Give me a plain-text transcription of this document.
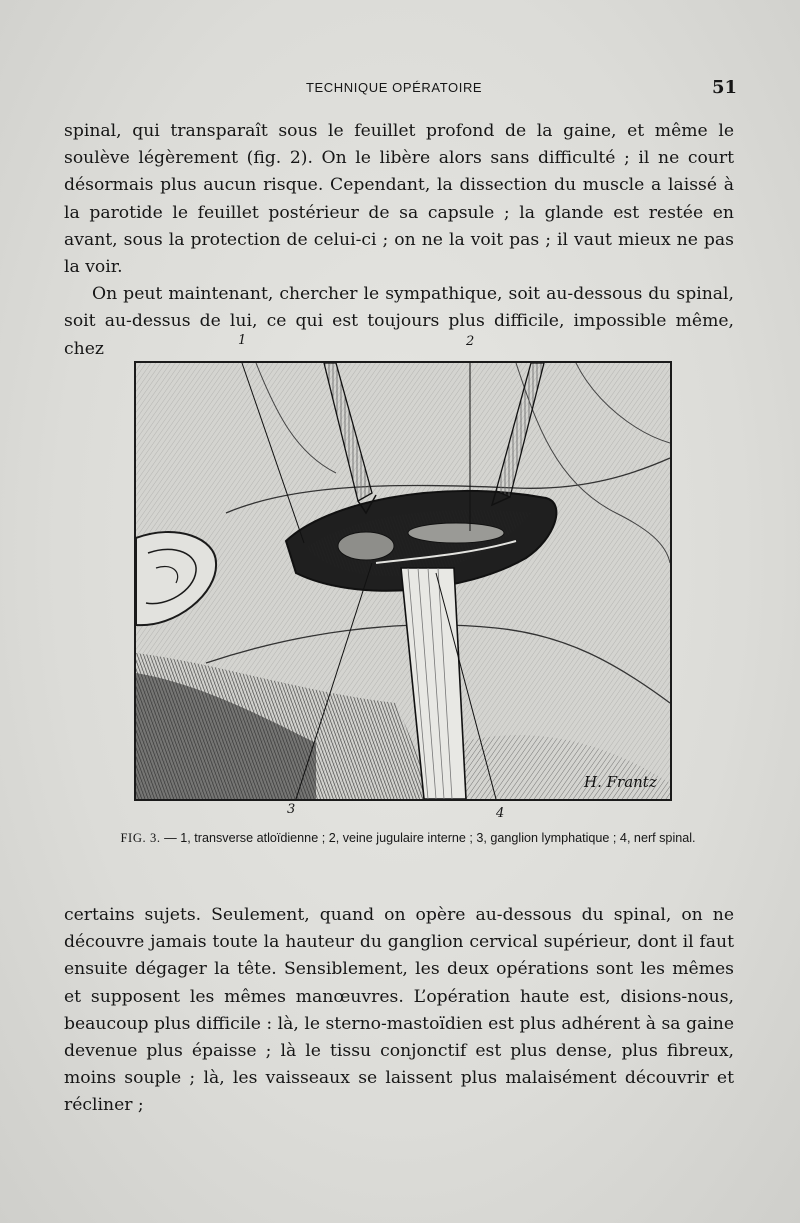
TECHNIQUE OPÉRATOIRE	51

spinal, qui transparaît sous le feuillet profond de la gaine, et même le soulève légèrement (fig. 2). On le libère alors sans difficulté ; il ne court désormais plus aucun risque. Cependant, la dissection du muscle a laissé à la parotide le feuillet postérieur de sa capsule ; la glande est restée en avant, sous la protection de celui-ci ; on ne la voit pas ; il vaut mieux ne pas la voir.

On peut maintenant, chercher le sympathique, soit au-dessous du spinal, soit au-dessus de lui, ce qui est toujours plus difficile, impossible même, chez	1	2
3	4
H. Frantz
FIG. 3. — 1, transverse atloïdienne ; 2, veine jugulaire interne ; 3, ganglion lymphatique ; 4, nerf spinal.

certains sujets. Seulement, quand on opère au-dessous du spinal, on ne découvre jamais toute la hauteur du ganglion cervical supérieur, dont il faut ensuite dégager la tête. Sensiblement, les deux opérations sont les mêmes et supposent les mêmes manœuvres. L’opération haute est, disions-nous, beaucoup plus difficile : là, le sterno-mastoïdien est plus adhérent à sa gaine devenue plus épaisse ; là le tissu conjonctif est plus dense, plus fibreux, moins souple ; là, les vaisseaux se laissent plus malaisément découvrir et récliner ;
